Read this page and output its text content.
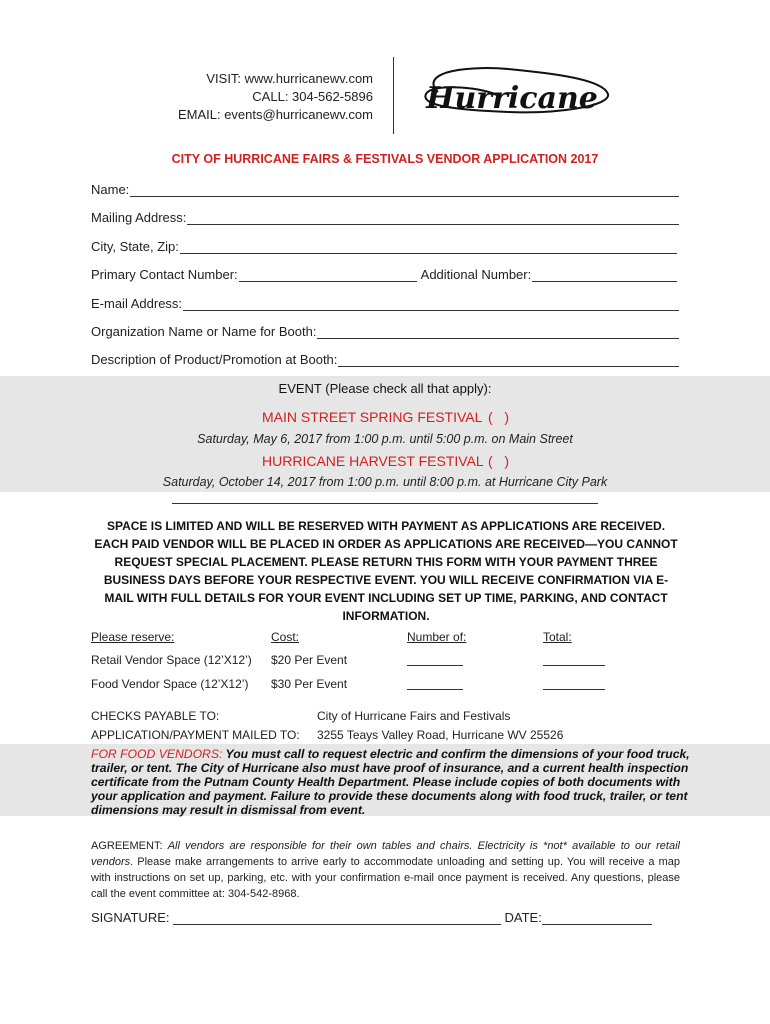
VISIT: www.hurricanewv.com
CALL: 304-562-5896
EMAIL: events@hurricanewv.com Hurricane
CITY OF HURRICANE FAIRS & FESTIVALS VENDOR APPLICATION 2017
Name:
Mailing Address:
City, State, Zip:
Primary Contact Number:	Additional Number:
E-mail Address:
Organization Name or Name for Booth:
Description of Product/Promotion at Booth:
EVENT (Please check all that apply):
MAIN STREET SPRING FESTIVAL (   )
Saturday, May 6, 2017 from 1:00 p.m. until 5:00 p.m. on Main Street
HURRICANE HARVEST FESTIVAL (   )
Saturday, October 14, 2017 from 1:00 p.m. until 8:00 p.m. at Hurricane City Park
SPACE IS LIMITED AND WILL BE RESERVED WITH PAYMENT AS APPLICATIONS ARE RECEIVED. EACH PAID VENDOR WILL BE PLACED IN ORDER AS APPLICATIONS ARE RECEIVED—YOU CANNOT REQUEST SPECIAL PLACEMENT. PLEASE RETURN THIS FORM WITH YOUR PAYMENT THREE BUSINESS DAYS BEFORE YOUR RESPECTIVE EVENT. YOU WILL RECEIVE CONFIRMATION VIA E-MAIL WITH FULL DETAILS FOR YOUR EVENT INCLUDING SET UP TIME, PARKING, AND CONTACT INFORMATION.
Please reserve:	Cost:	Number of:	Total:
Retail Vendor Space (12’X12’) $20 Per Event
Food Vendor Space (12’X12’) $30 Per Event
CHECKS PAYABLE TO:	City of Hurricane Fairs and Festivals
APPLICATION/PAYMENT MAILED TO: 3255 Teays Valley Road, Hurricane WV 25526
FOR FOOD VENDORS: You must call to request electric and confirm the dimensions of your food truck, trailer, or tent. The City of Hurricane also must have proof of insurance, and a current health inspection certificate from the Putnam County Health Department. Please include copies of both documents with your application and payment. Failure to provide these documents along with food truck, trailer, or tent dimensions may result in dismissal from event.
AGREEMENT: All vendors are responsible for their own tables and chairs. Electricity is *not* available to our retail vendors. Please make arrangements to arrive early to accommodate unloading and setting up. You will receive a map with instructions on set up, parking, etc. with your confirmation e-mail once payment is received. Any questions, please call the event committee at: 304-542-8968.
SIGNATURE:	DATE:
